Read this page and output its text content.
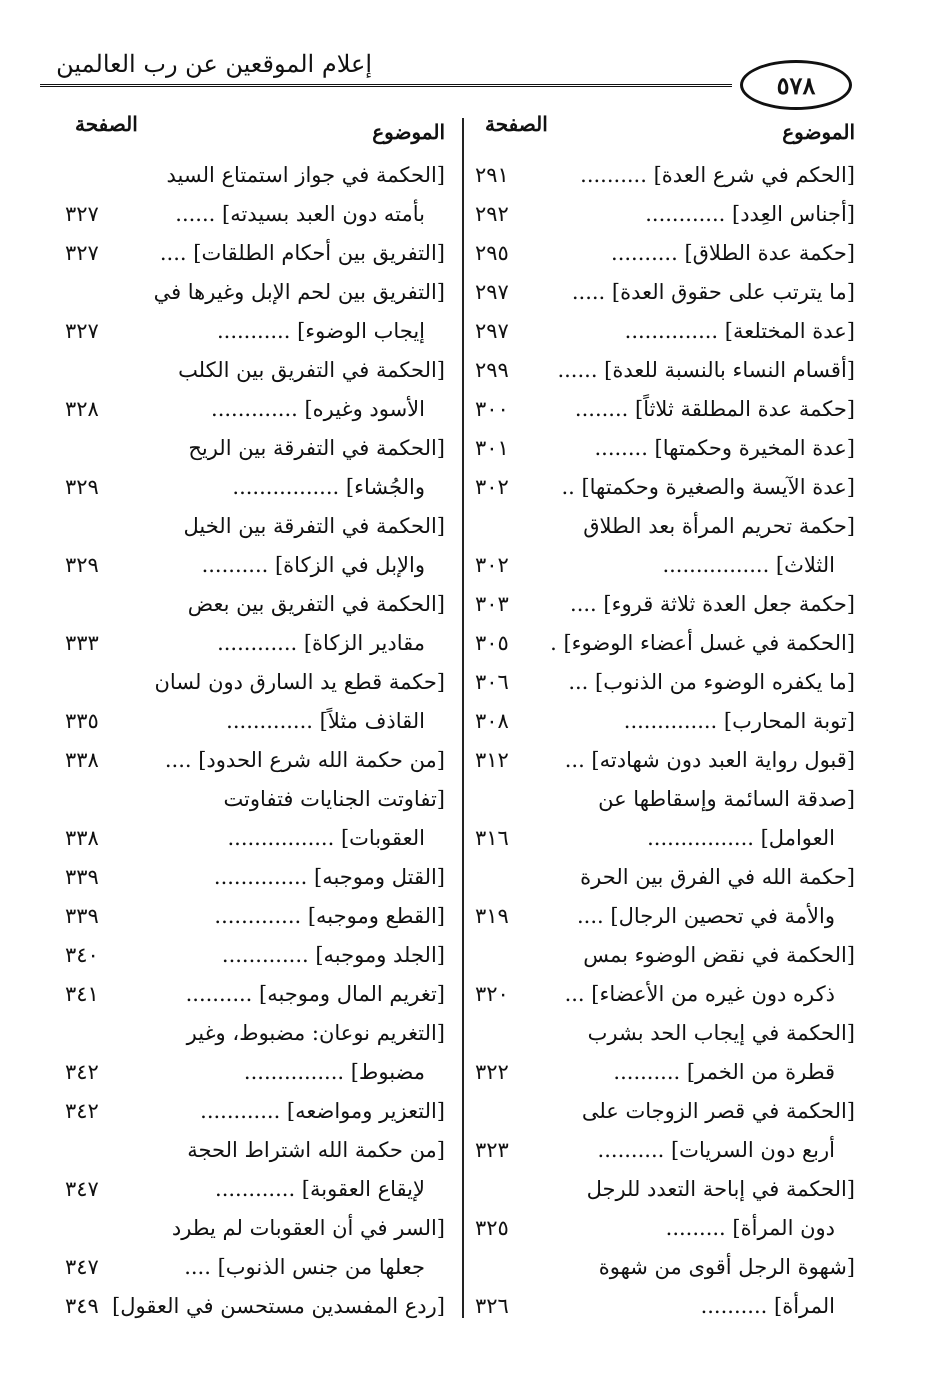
إعلام الموقعين عن رب العالمين
٥٧٨
الموضوع
الصفحة
[الحكم في شرع العدة] ..........
٢٩١
[أجناس العِدد] ............
٢٩٢
[حكمة عدة الطلاق] ..........
٢٩٥
[ما يترتب على حقوق العدة] .....
٢٩٧
[عدة المختلعة] ..............
٢٩٧
[أقسام النساء بالنسبة للعدة] ......
٢٩٩
[حكمة عدة المطلقة ثلاثاً] ........
٣٠٠
[عدة المخيرة وحكمتها] ........
٣٠١
[عدة الآيسة والصغيرة وحكمتها] ..
٣٠٢
[حكمة تحريم المرأة بعد الطلاق
الثلاث] ................
٣٠٢
[حكمة جعل العدة ثلاثة قروء] ....
٣٠٣
[الحكمة في غسل أعضاء الوضوء] .
٣٠٥
[ما يكفره الوضوء من الذنوب] ...
٣٠٦
[توبة المحارب] ..............
٣٠٨
[قبول رواية العبد دون شهادته] ...
٣١٢
[صدقة السائمة وإسقاطها عن
العوامل] ................
٣١٦
[حكمة الله في الفرق بين الحرة
والأمة في تحصين الرجال] ....
٣١٩
[الحكمة في نقض الوضوء بمس
ذكره دون غيره من الأعضاء] ...
٣٢٠
[الحكمة في إيجاب الحد بشرب
قطرة من الخمر] ..........
٣٢٢
[الحكمة في قصر الزوجات على
أربع دون السريات] ..........
٣٢٣
[الحكمة في إباحة التعدد للرجل
دون المرأة] .........
٣٢٥
[شهوة الرجل أقوى من شهوة
المرأة] ..........
٣٢٦
الموضوع
الصفحة
[الحكمة في جواز استمتاع السيد
بأمته دون العبد بسيدته] ......
٣٢٧
[التفريق بين أحكام الطلقات] ....
٣٢٧
[التفريق بين لحم الإبل وغيرها في
إيجاب الوضوء] ...........
٣٢٧
[الحكمة في التفريق بين الكلب
الأسود وغيره] .............
٣٢٨
[الحكمة في التفرقة بين الريح
والجُشاء] ................
٣٢٩
[الحكمة في التفرقة بين الخيل
والإبل في الزكاة] ..........
٣٢٩
[الحكمة في التفريق بين بعض
مقادير الزكاة] ............
٣٣٣
[حكمة قطع يد السارق دون لسان
القاذف مثلاً] .............
٣٣٥
[من حكمة الله شرع الحدود] ....
٣٣٨
[تفاوتت الجنايات فتفاوتت
العقوبات] ................
٣٣٨
[القتل وموجبه] ..............
٣٣٩
[القطع وموجبه] .............
٣٣٩
[الجلد وموجبه] .............
٣٤٠
[تغريم المال وموجبه] ..........
٣٤١
[التغريم نوعان: مضبوط، وغير
مضبوط] ...............
٣٤٢
[التعزير ومواضعه] ............
٣٤٢
[من حكمة الله اشتراط الحجة
لإيقاع العقوبة] ............
٣٤٧
[السر في أن العقوبات لم يطرد
جعلها من جنس الذنوب] ....
٣٤٧
[ردع المفسدين مستحسن في العقول]
٣٤٩
